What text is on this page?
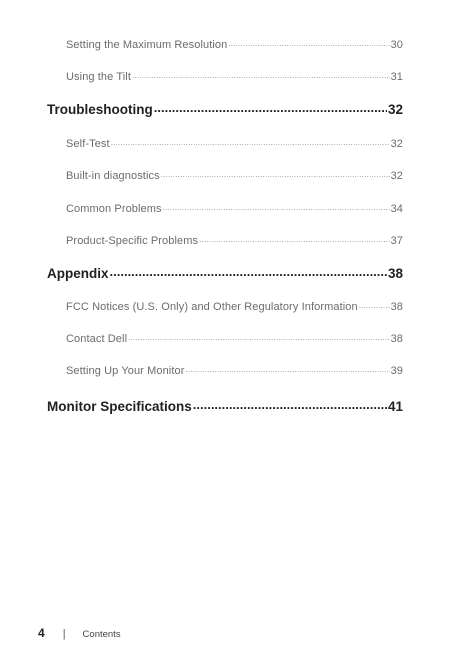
Setting the Maximum Resolution .....	30
Using the Tilt .....	31
Troubleshooting .....	32
Self-Test .....	32
Built-in diagnostics .....	32
Common Problems .....	34
Product-Specific Problems .....	37
Appendix .....	38
FCC Notices (U.S. Only) and Other Regulatory Information .....	38
Contact Dell .....	38
Setting Up Your Monitor .....	39
Monitor Specifications .....	41
4 | Contents
